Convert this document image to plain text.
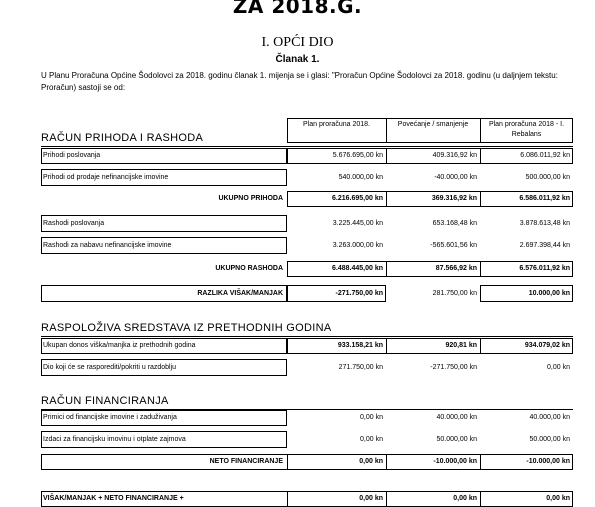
ZA 2018.G.
I. OPĆI DIO
Članak 1.
U Planu Proračuna Općine Šodolovci za 2018. godinu članak 1. mijenja se i glasi: "Proračun Općine Šodolovci za 2018. godinu (u daljnjem tekstu: Proračun) sastoji se od:
Plan proračuna 2018.	Povećanje / smanjenje	Plan proračuna 2018 - I. Rebalans
RAČUN PRIHODA I RASHODA
Prihodi poslovanja	5.676.695,00 kn	409.316,92 kn	6.086.011,92 kn
Prihodi od prodaje nefinancijske imovine	540.000,00 kn	-40.000,00 kn	500.000,00 kn
UKUPNO PRIHODA	6.216.695,00 kn	369.316,92 kn	6.586.011,92 kn
Rashodi poslovanja	3.225.445,00 kn	653.168,48 kn	3.878.613,48 kn
Rashodi za nabavu nefinancijske imovine	3.263.000,00 kn	-565.601,56 kn	2.697.398,44 kn
UKUPNO RASHODA	6.488.445,00 kn	87.566,92 kn	6.576.011,92 kn
RAZLIKA VIŠAK/MANJAK	-271.750,00 kn	281.750,00 kn	10.000,00 kn
RASPOLOŽIVA SREDSTAVA IZ PRETHODNIH GODINA
Ukupan donos viška/manjka iz prethodnih godina	933.158,21 kn	920,81 kn	934.079,02 kn
Dio koji će se rasporediti/pokriti u razdoblju	271.750,00 kn	-271.750,00 kn	0,00 kn
RAČUN FINANCIRANJA
Primici od financijske imovine i zaduživanja	0,00 kn	40.000,00 kn	40.000,00 kn
Izdaci za financijsku imovinu i otplate zajmova	0,00 kn	50.000,00 kn	50.000,00 kn
NETO FINANCIRANJE	0,00 kn	-10.000,00 kn	-10.000,00 kn
VIŠAK/MANJAK + NETO FINANCIRANJE +	0,00 kn	0,00 kn	0,00 kn
